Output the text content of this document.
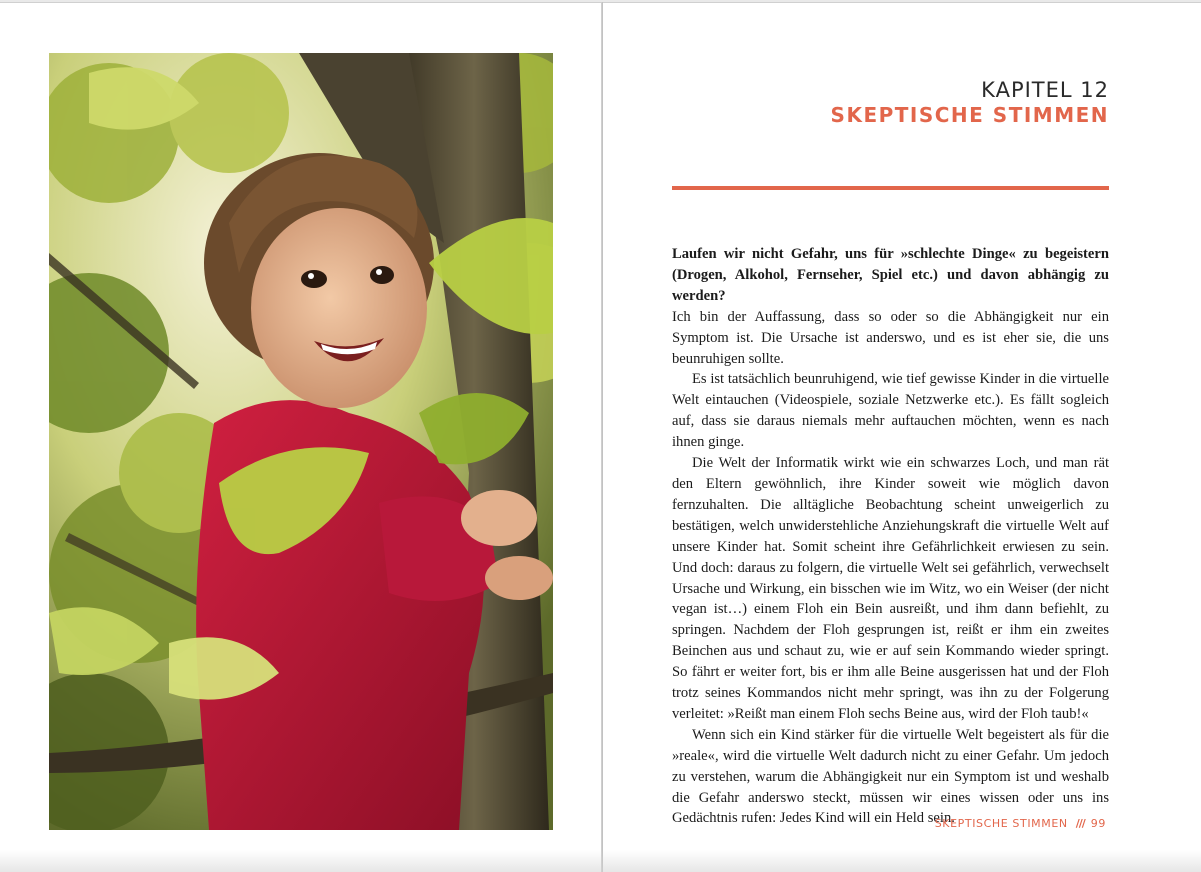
KAPITEL 12
SKEPTISCHE STIMMEN

Laufen wir nicht Gefahr, uns für »schlechte Dinge« zu begeistern (Drogen, Alkohol, Fernseher, Spiel etc.) und davon abhängig zu werden?

Ich bin der Auffassung, dass so oder so die Abhängigkeit nur ein Symptom ist. Die Ursache ist anderswo, und es ist eher sie, die uns beunruhigen sollte.

Es ist tatsächlich beunruhigend, wie tief gewisse Kinder in die virtuelle Welt eintauchen (Videospiele, soziale Netzwerke etc.). Es fällt sogleich auf, dass sie daraus niemals mehr auftauchen möchten, wenn es nach ihnen ginge.

Die Welt der Informatik wirkt wie ein schwarzes Loch, und man rät den Eltern gewöhnlich, ihre Kinder soweit wie möglich davon fernzuhalten. Die alltägliche Beobachtung scheint unweigerlich zu bestätigen, welch unwiderstehliche Anziehungskraft die virtuelle Welt auf unsere Kinder hat. Somit scheint ihre Gefährlichkeit erwiesen zu sein. Und doch: daraus zu folgern, die virtuelle Welt sei gefährlich, verwechselt Ursache und Wirkung, ein bisschen wie im Witz, wo ein Weiser (der nicht vegan ist…) einem Floh ein Bein ausreißt, und ihm dann befiehlt, zu springen. Nachdem der Floh gesprungen ist, reißt er ihm ein zweites Beinchen aus und schaut zu, wie er auf sein Kommando wieder springt. So fährt er weiter fort, bis er ihm alle Beine ausgerissen hat und der Floh trotz seines Kommandos nicht mehr springt, was ihn zu der Folgerung verleitet: »Reißt man einem Floh sechs Beine aus, wird der Floh taub!«

Wenn sich ein Kind stärker für die virtuelle Welt begeistert als für die »reale«, wird die virtuelle Welt dadurch nicht zu einer Gefahr. Um jedoch zu verstehen, warum die Abhängigkeit nur ein Symptom ist und weshalb die Gefahr anderswo steckt, müssen wir eines wissen oder uns ins Gedächtnis rufen: Jedes Kind will ein Held sein.

SKEPTISCHE STIMMEN /// 99
